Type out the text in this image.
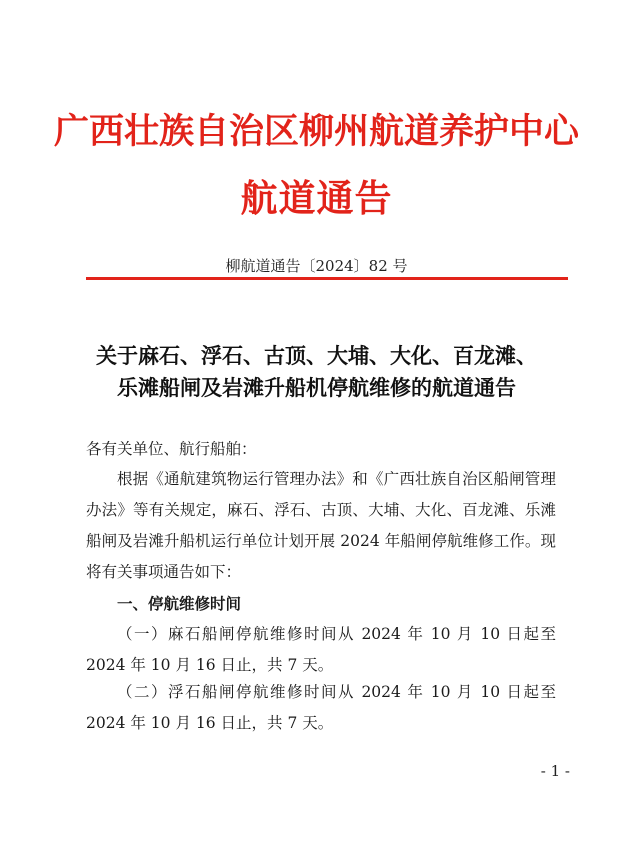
广西壮族自治区柳州航道养护中心
航道通告
柳航道通告〔2024〕82 号
关于麻石、浮石、古顶、大埔、大化、百龙滩、
乐滩船闸及岩滩升船机停航维修的航道通告
各有关单位、航行船舶：
根据《通航建筑物运行管理办法》和《广西壮族自治区船闸管理办法》等有关规定，麻石、浮石、古顶、大埔、大化、百龙滩、乐滩船闸及岩滩升船机运行单位计划开展 2024 年船闸停航维修工作。现将有关事项通告如下：
一、停航维修时间
（一）麻石船闸停航维修时间从 2024 年 10 月 10 日起至 2024 年 10 月 16 日止，共 7 天。
（二）浮石船闸停航维修时间从 2024 年 10 月 10 日起至 2024 年 10 月 16 日止，共 7 天。
- 1 -
